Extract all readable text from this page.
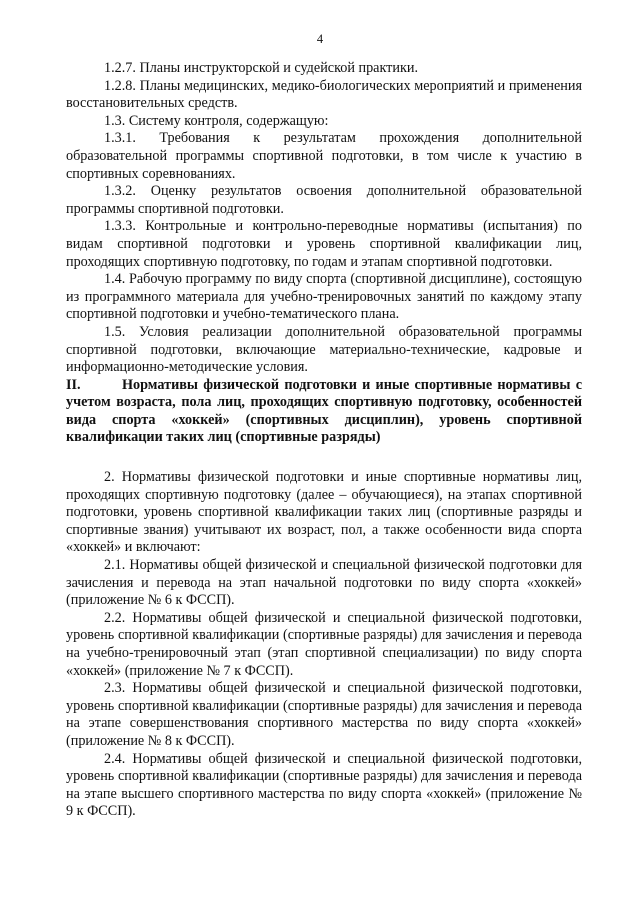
4

1.2.7. Планы инструкторской и судейской практики.

1.2.8. Планы медицинских, медико-биологических мероприятий и применения восстановительных средств.

1.3. Систему контроля, содержащую:

1.3.1. Требования к результатам прохождения дополнительной образовательной программы спортивной подготовки, в том числе к участию в спортивных соревнованиях.

1.3.2. Оценку результатов освоения дополнительной образовательной программы спортивной подготовки.

1.3.3. Контрольные и контрольно-переводные нормативы (испытания) по видам спортивной подготовки и уровень спортивной квалификации лиц, проходящих спортивную подготовку, по годам и этапам спортивной подготовки.

1.4. Рабочую программу по виду спорта (спортивной дисциплине), состоящую из программного материала для учебно-тренировочных занятий по каждому этапу спортивной подготовки и учебно-тематического плана.

1.5. Условия реализации дополнительной образовательной программы спортивной подготовки, включающие материально-технические, кадровые и информационно-методические условия.

II.	Нормативы физической подготовки и иные спортивные нормативы с учетом возраста, пола лиц, проходящих спортивную подготовку, особенностей вида спорта «хоккей» (спортивных дисциплин), уровень спортивной квалификации таких лиц (спортивные разряды)

2. Нормативы физической подготовки и иные спортивные нормативы лиц, проходящих спортивную подготовку (далее – обучающиеся), на этапах спортивной подготовки, уровень спортивной квалификации таких лиц (спортивные разряды и спортивные звания) учитывают их возраст, пол, а также особенности вида спорта «хоккей» и включают:

2.1. Нормативы общей физической и специальной физической подготовки для зачисления и перевода на этап начальной подготовки по виду спорта «хоккей» (приложение № 6 к ФССП).

2.2. Нормативы общей физической и специальной физической подготовки, уровень спортивной квалификации (спортивные разряды) для зачисления и перевода на учебно-тренировочный этап (этап спортивной специализации) по виду спорта «хоккей» (приложение № 7 к ФССП).

2.3. Нормативы общей физической и специальной физической подготовки, уровень спортивной квалификации (спортивные разряды) для зачисления и перевода на этапе совершенствования спортивного мастерства по виду спорта «хоккей» (приложение № 8 к ФССП).

2.4. Нормативы общей физической и специальной физической подготовки, уровень спортивной квалификации (спортивные разряды) для зачисления и перевода на этапе высшего спортивного мастерства по виду спорта «хоккей» (приложение № 9 к ФССП).
